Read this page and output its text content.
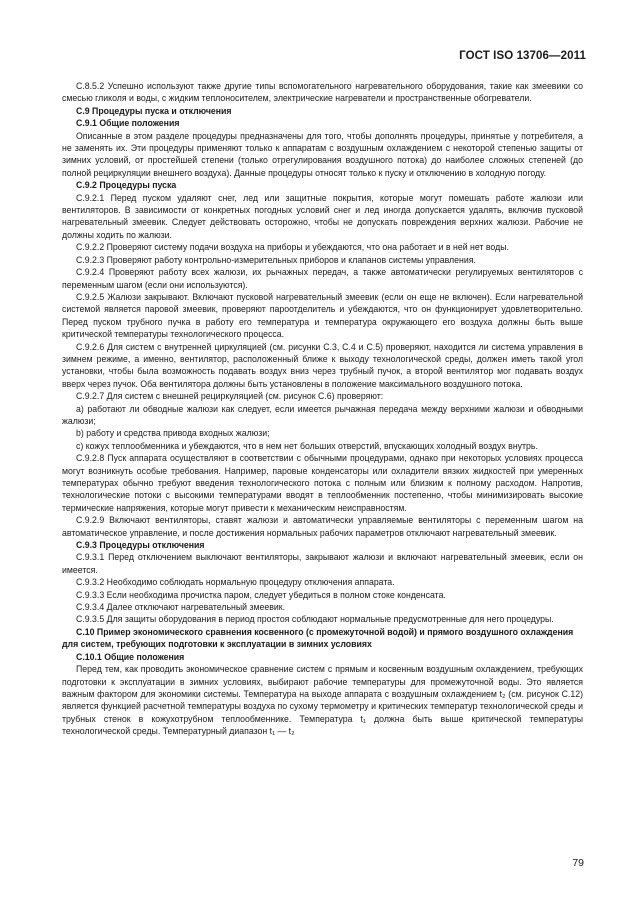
ГОСТ ISO 13706—2011

C.8.5.2 Успешно используют также другие типы вспомогательного нагревательного оборудования, такие как змеевики со смесью гликоля и воды, с жидким теплоносителем, электрические нагреватели и пространственные обогреватели.

C.9 Процедуры пуска и отключения

C.9.1 Общие положения

Описанные в этом разделе процедуры предназначены для того, чтобы дополнять процедуры, принятые у потребителя, а не заменять их. Эти процедуры применяют только к аппаратам с воздушным охлаждением с некоторой степенью защиты от зимних условий, от простейшей степени (только отрегулирования воздушного потока) до наиболее сложных степеней (до полной рециркуляции внешнего воздуха). Данные процедуры относят только к пуску и отключению в холодную погоду.

C.9.2 Процедуры пуска

C.9.2.1 Перед пуском удаляют снег, лед или защитные покрытия, которые могут помешать работе жалюзи или вентиляторов. В зависимости от конкретных погодных условий снег и лед иногда допускается удалять, включив пусковой нагревательный змеевик. Следует действовать осторожно, чтобы не допускать повреждения верхних жалюзи. Рабочие не должны ходить по жалюзи.

C.9.2.2 Проверяют систему подачи воздуха на приборы и убеждаются, что она работает и в ней нет воды.

C.9.2.3 Проверяют работу контрольно-измерительных приборов и клапанов системы управления.

C.9.2.4 Проверяют работу всех жалюзи, их рычажных передач, а также автоматически регулируемых вентиляторов с переменным шагом (если они используются).

C.9.2.5 Жалюзи закрывают. Включают пусковой нагревательный змеевик (если он еще не включен). Если нагревательной системой является паровой змеевик, проверяют пароотделитель и убеждаются, что он функционирует удовлетворительно. Перед пуском трубного пучка в работу его температура и температура окружающего его воздуха должны быть выше критической температуры технологического процесса.

C.9.2.6 Для систем с внутренней циркуляцией (см. рисунки C.3, C.4 и C.5) проверяют, находится ли система управления в зимнем режиме, а именно, вентилятор, расположенный ближе к выходу технологической среды, должен иметь такой угол установки, чтобы была возможность подавать воздух вниз через трубный пучок, а второй вентилятор мог подавать воздух вверх через пучок. Оба вентилятора должны быть установлены в положение максимального воздушного потока.

C.9.2.7 Для систем с внешней рециркуляцией (см. рисунок C.6) проверяют:

a) работают ли обводные жалюзи как следует, если имеется рычажная передача между верхними жалюзи и обводными жалюзи;

b) работу и средства привода входных жалюзи;

c) кожух теплообменника и убеждаются, что в нем нет больших отверстий, впускающих холодный воздух внутрь.

C.9.2.8 Пуск аппарата осуществляют в соответствии с обычными процедурами, однако при некоторых условиях процесса могут возникнуть особые требования. Например, паровые конденсаторы или охладители вязких жидкостей при умеренных температурах обычно требуют введения технологического потока с полным или близким к полному расходом. Напротив, технологические потоки с высокими температурами вводят в теплообменник постепенно, чтобы минимизировать высокие термические напряжения, которые могут привести к механическим неисправностям.

C.9.2.9 Включают вентиляторы, ставят жалюзи и автоматически управляемые вентиляторы с переменным шагом на автоматическое управление, и после достижения нормальных рабочих параметров отключают нагревательный змеевик.

C.9.3 Процедуры отключения

C.9.3.1 Перед отключением выключают вентиляторы, закрывают жалюзи и включают нагревательный змеевик, если он имеется.

C.9.3.2 Необходимо соблюдать нормальную процедуру отключения аппарата.

C.9.3.3 Если необходима прочистка паром, следует убедиться в полном стоке конденсата.

C.9.3.4 Далее отключают нагревательный змеевик.

C.9.3.5 Для защиты оборудования в период простоя соблюдают нормальные предусмотренные для него процедуры.

C.10 Пример экономического сравнения косвенного (с промежуточной водой) и прямого воздушного охлаждения для систем, требующих подготовки к эксплуатации в зимних условиях

C.10.1 Общие положения

Перед тем, как проводить экономическое сравнение систем с прямым и косвенным воздушным охлаждением, требующих подготовки к эксплуатации в зимних условиях, выбирают рабочие температуры для промежуточной воды. Это является важным фактором для экономики системы. Температура на выходе аппарата с воздушным охлаждением t₂ (см. рисунок C.12) является функцией расчетной температуры воздуха по сухому термометру и критических температур технологической среды и трубных стенок в кожухотрубном теплообменнике. Температура t₁ должна быть выше критической температуры технологической среды. Температурный диапазон t₁ — t₂

79
